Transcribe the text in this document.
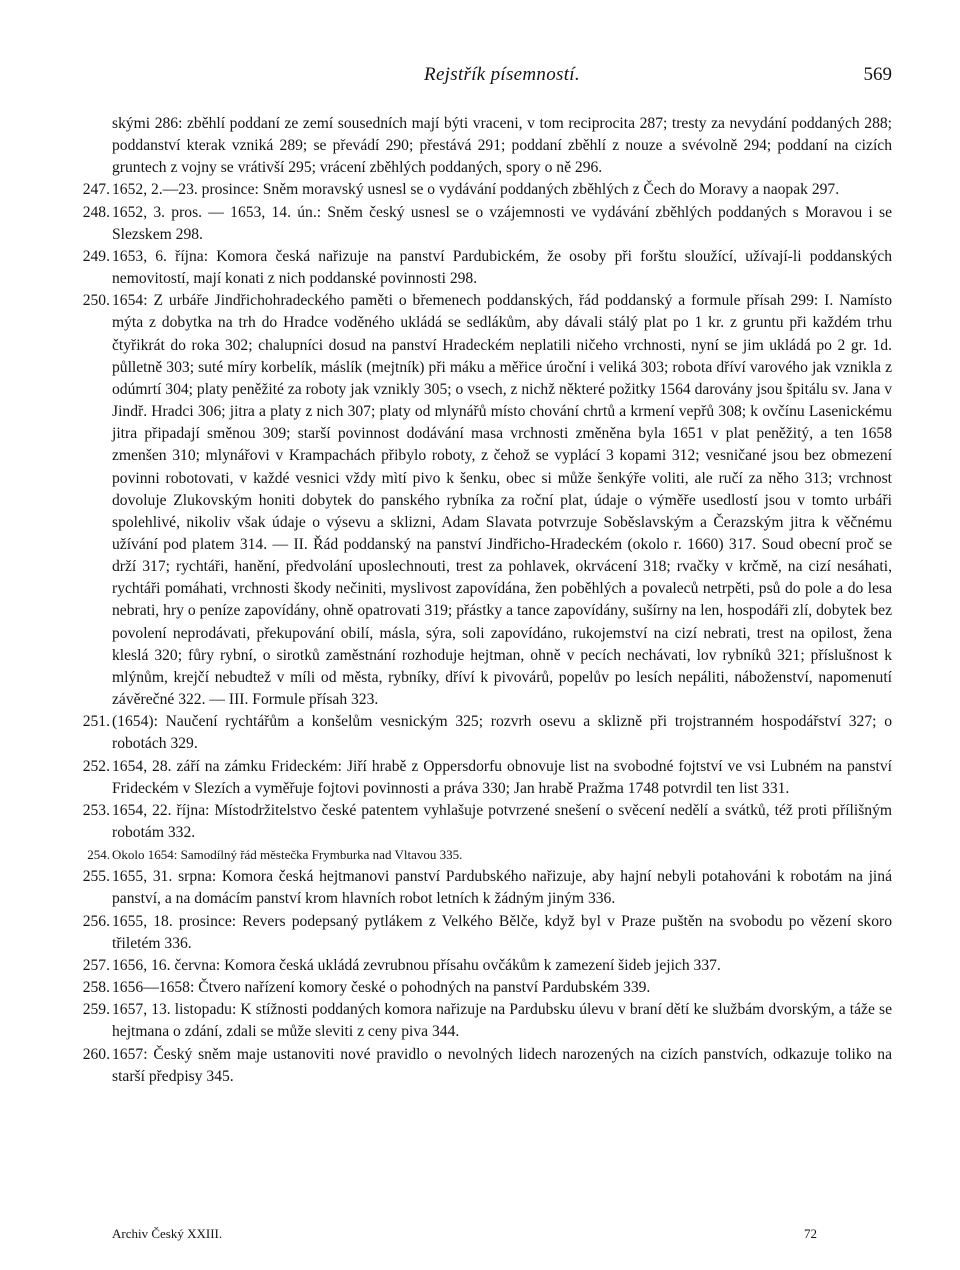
Rejstřík písemností.	569

skými 286: zběhlí poddaní ze zemí sousedních mají býti vraceni, v tom reciprocita 287; tresty za nevydání poddaných 288; poddanství kterak vzniká 289; se převádí 290; přestává 291; poddaní zběhlí z nouze a svévolně 294; poddaní na cizích gruntech z vojny se vrátivší 295; vrácení zběhlých poddaných, spory o ně 296.

247. 1652, 2.—23. prosince: Sněm moravský usnesl se o vydávání poddaných zběhlých z Čech do Moravy a naopak 297.

248. 1652, 3. pros. — 1653, 14. ún.: Sněm český usnesl se o vzájemnosti ve vydávání zběhlých poddaných s Moravou i se Slezskem 298.

249. 1653, 6. října: Komora česká nařizuje na panství Pardubickém, že osoby při forštu sloužící, užívají-li poddanských nemovitostí, mají konati z nich poddanské povinnosti 298.

250. 1654: Z urbáře Jindřichohradeckého paměti o břemenech poddanských, řád poddanský a formule přísah 299: I. Namísto mýta z dobytka na trh do Hradce voděného ukládá se sedlákům, aby dávali stálý plat po 1 kr. z gruntu při každém trhu čtyřikrát do roka 302; chalupníci dosud na panství Hradeckém neplatili ničeho vrchnosti, nyní se jim ukládá po 2 gr. 1d. půlletně 303; suté míry korbelík, máslík (mejtník) při máku a měřice úroční i veliká 303; robota dříví varového jak vznikla z odúmrtí 304; platy peněžité za roboty jak vznikly 305; o vsech, z nichž některé požitky 1564 darovány jsou špitálu sv. Jana v Jindř. Hradci 306; jitra a platy z nich 307; platy od mlynářů místo chování chrtů a krmení vepřů 308; k ovčínu Lasenickému jitra připadají směnou 309; starší povinnost dodávání masa vrchnosti změněna byla 1651 v plat peněžitý, a ten 1658 zmenšen 310; mlynářovi v Krampachách přibylo roboty, z čehož se vyplácí 3 kopami 312; vesničané jsou bez obmezení povinni robotovati, v každé vesnici vždy mìtí pivo k šenku, obec si může šenkýře voliti, ale ručí za něho 313; vrchnost dovoluje Zlukovským honiti dobytek do panského rybníka za roční plat, údaje o výměře usedlostí jsou v tomto urbáři spolehlivé, nikoliv však údaje o výsevu a sklizni, Adam Slavata potvrzuje Soběslavským a Čerazským jitra k věčnému užívání pod platem 314. — II. Řád poddanský na panství Jindřicho-Hradeckém (okolo r. 1660) 317. Soud obecní proč se drží 317; rychtáři, hanění, předvolání uposlechnouti, trest za pohlavek, okrvácení 318; rvačky v krčmě, na cizí nesáhati, rychtáři pomáhati, vrchnosti škody nečiniti, myslivost zapovídána, žen poběhlých a povaleců netrpěti, psů do pole a do lesa nebrati, hry o peníze zapovídány, ohně opatrovati 319; přástky a tance zapovídány, sušírny na len, hospodáři zlí, dobytek bez povolení neprodávati, překupování obilí, másla, sýra, soli zapovídáno, rukojemství na cizí nebrati, trest na opilost, žena kleslá 320; fůry rybní, o sirotků zaměstnání rozhoduje hejtman, ohně v pecích nechávati, lov rybníků 321; příslušnost k mlýnům, krejčí nebudtež v míli od města, rybníky, dříví k pivovárů, popelův po lesích nepáliti, náboženství, napomenutí závěrečné 322. — III. Formule přísah 323.

251. (1654): Naučení rychtářům a konšelům vesnickým 325; rozvrh osevu a sklizně při trojstranném hospodářství 327; o robotách 329.

252. 1654, 28. září na zámku Frideckém: Jiří hrabě z Oppersdorfu obnovuje list na svobodné fojtství ve vsi Lubném na panství Frideckém v Slezích a vyměřuje fojtovi povinnosti a práva 330; Jan hrabě Pražma 1748 potvrdil ten list 331.

253. 1654, 22. října: Místodržitelstvo české patentem vyhlašuje potvrzené snešení o svěcení nedělí a svátků, též proti přílišným robotám 332.

254. Okolo 1654: Samodílný řád městečka Frymburka nad Vltavou 335.

255. 1655, 31. srpna: Komora česká hejtmanovi panství Pardubského nařizuje, aby hajní nebyli potahováni k robotám na jiná panství, a na domácím panství krom hlavních robot letních k žádným jiným 336.

256. 1655, 18. prosince: Revers podepsaný pytlákem z Velkého Bělče, když byl v Praze puštěn na svobodu po vězení skoro třiletém 336.

257. 1656, 16. června: Komora česká ukládá zevrubnou přísahu ovčákům k zamezení šideb jejich 337.

258. 1656—1658: Čtvero nařízení komory české o pohodných na panství Pardubském 339.

259. 1657, 13. listopadu: K stížnosti poddaných komora nařizuje na Pardubsku úlevu v braní dětí ke službám dvorským, a táže se hejtmana o zdání, zdali se může sleviti z ceny piva 344.

260. 1657: Český sněm maje ustanoviti nové pravidlo o nevolných lidech narozených na cizích panstvích, odkazuje toliko na starší předpisy 345.

Archiv Český XXIII.	72
